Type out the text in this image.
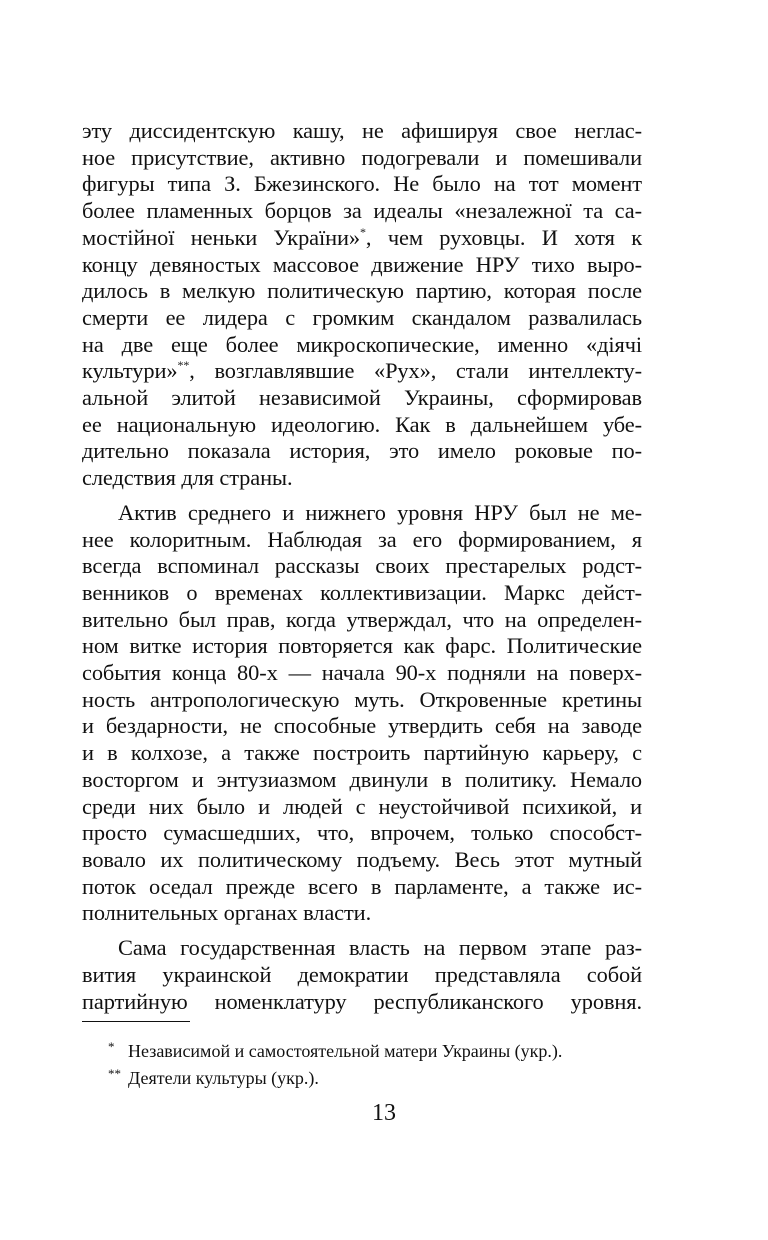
эту диссидентскую кашу, не афишируя свое неглас-
ное присутствие, активно подогревали и помешивали
фигуры типа З. Бжезинского. Не было на тот момент
более пламенных борцов за идеалы «незалежної та са-
мостійної неньки України»*, чем руховцы. И хотя к
концу девяностых массовое движение НРУ тихо выро-
дилось в мелкую политическую партию, которая после
смерти ее лидера с громким скандалом развалилась
на две еще более микроскопические, именно «діячі
культури»**, возглавлявшие «Рух», стали интеллекту-
альной элитой независимой Украины, сформировав
ее национальную идеологию. Как в дальнейшем убе-
дительно показала история, это имело роковые по-
следствия для страны.

Актив среднего и нижнего уровня НРУ был не ме-
нее колоритным. Наблюдая за его формированием, я
всегда вспоминал рассказы своих престарелых родст-
венников о временах коллективизации. Маркс дейст-
вительно был прав, когда утверждал, что на определен-
ном витке история повторяется как фарс. Политические
события конца 80-х — начала 90-х подняли на поверх-
ность антропологическую муть. Откровенные кретины
и бездарности, не способные утвердить себя на заводе
и в колхозе, а также построить партийную карьеру, с
восторгом и энтузиазмом двинули в политику. Немало
среди них было и людей с неустойчивой психикой, и
просто сумасшедших, что, впрочем, только способст-
вовало их политическому подъему. Весь этот мутный
поток оседал прежде всего в парламенте, а также ис-
полнительных органах власти.

Сама государственная власть на первом этапе раз-
вития украинской демократии представляла собой
партийную номенклатуру республиканского уровня.

* Независимой и самостоятельной матери Украины (укр.).

** Деятели культуры (укр.).

13
